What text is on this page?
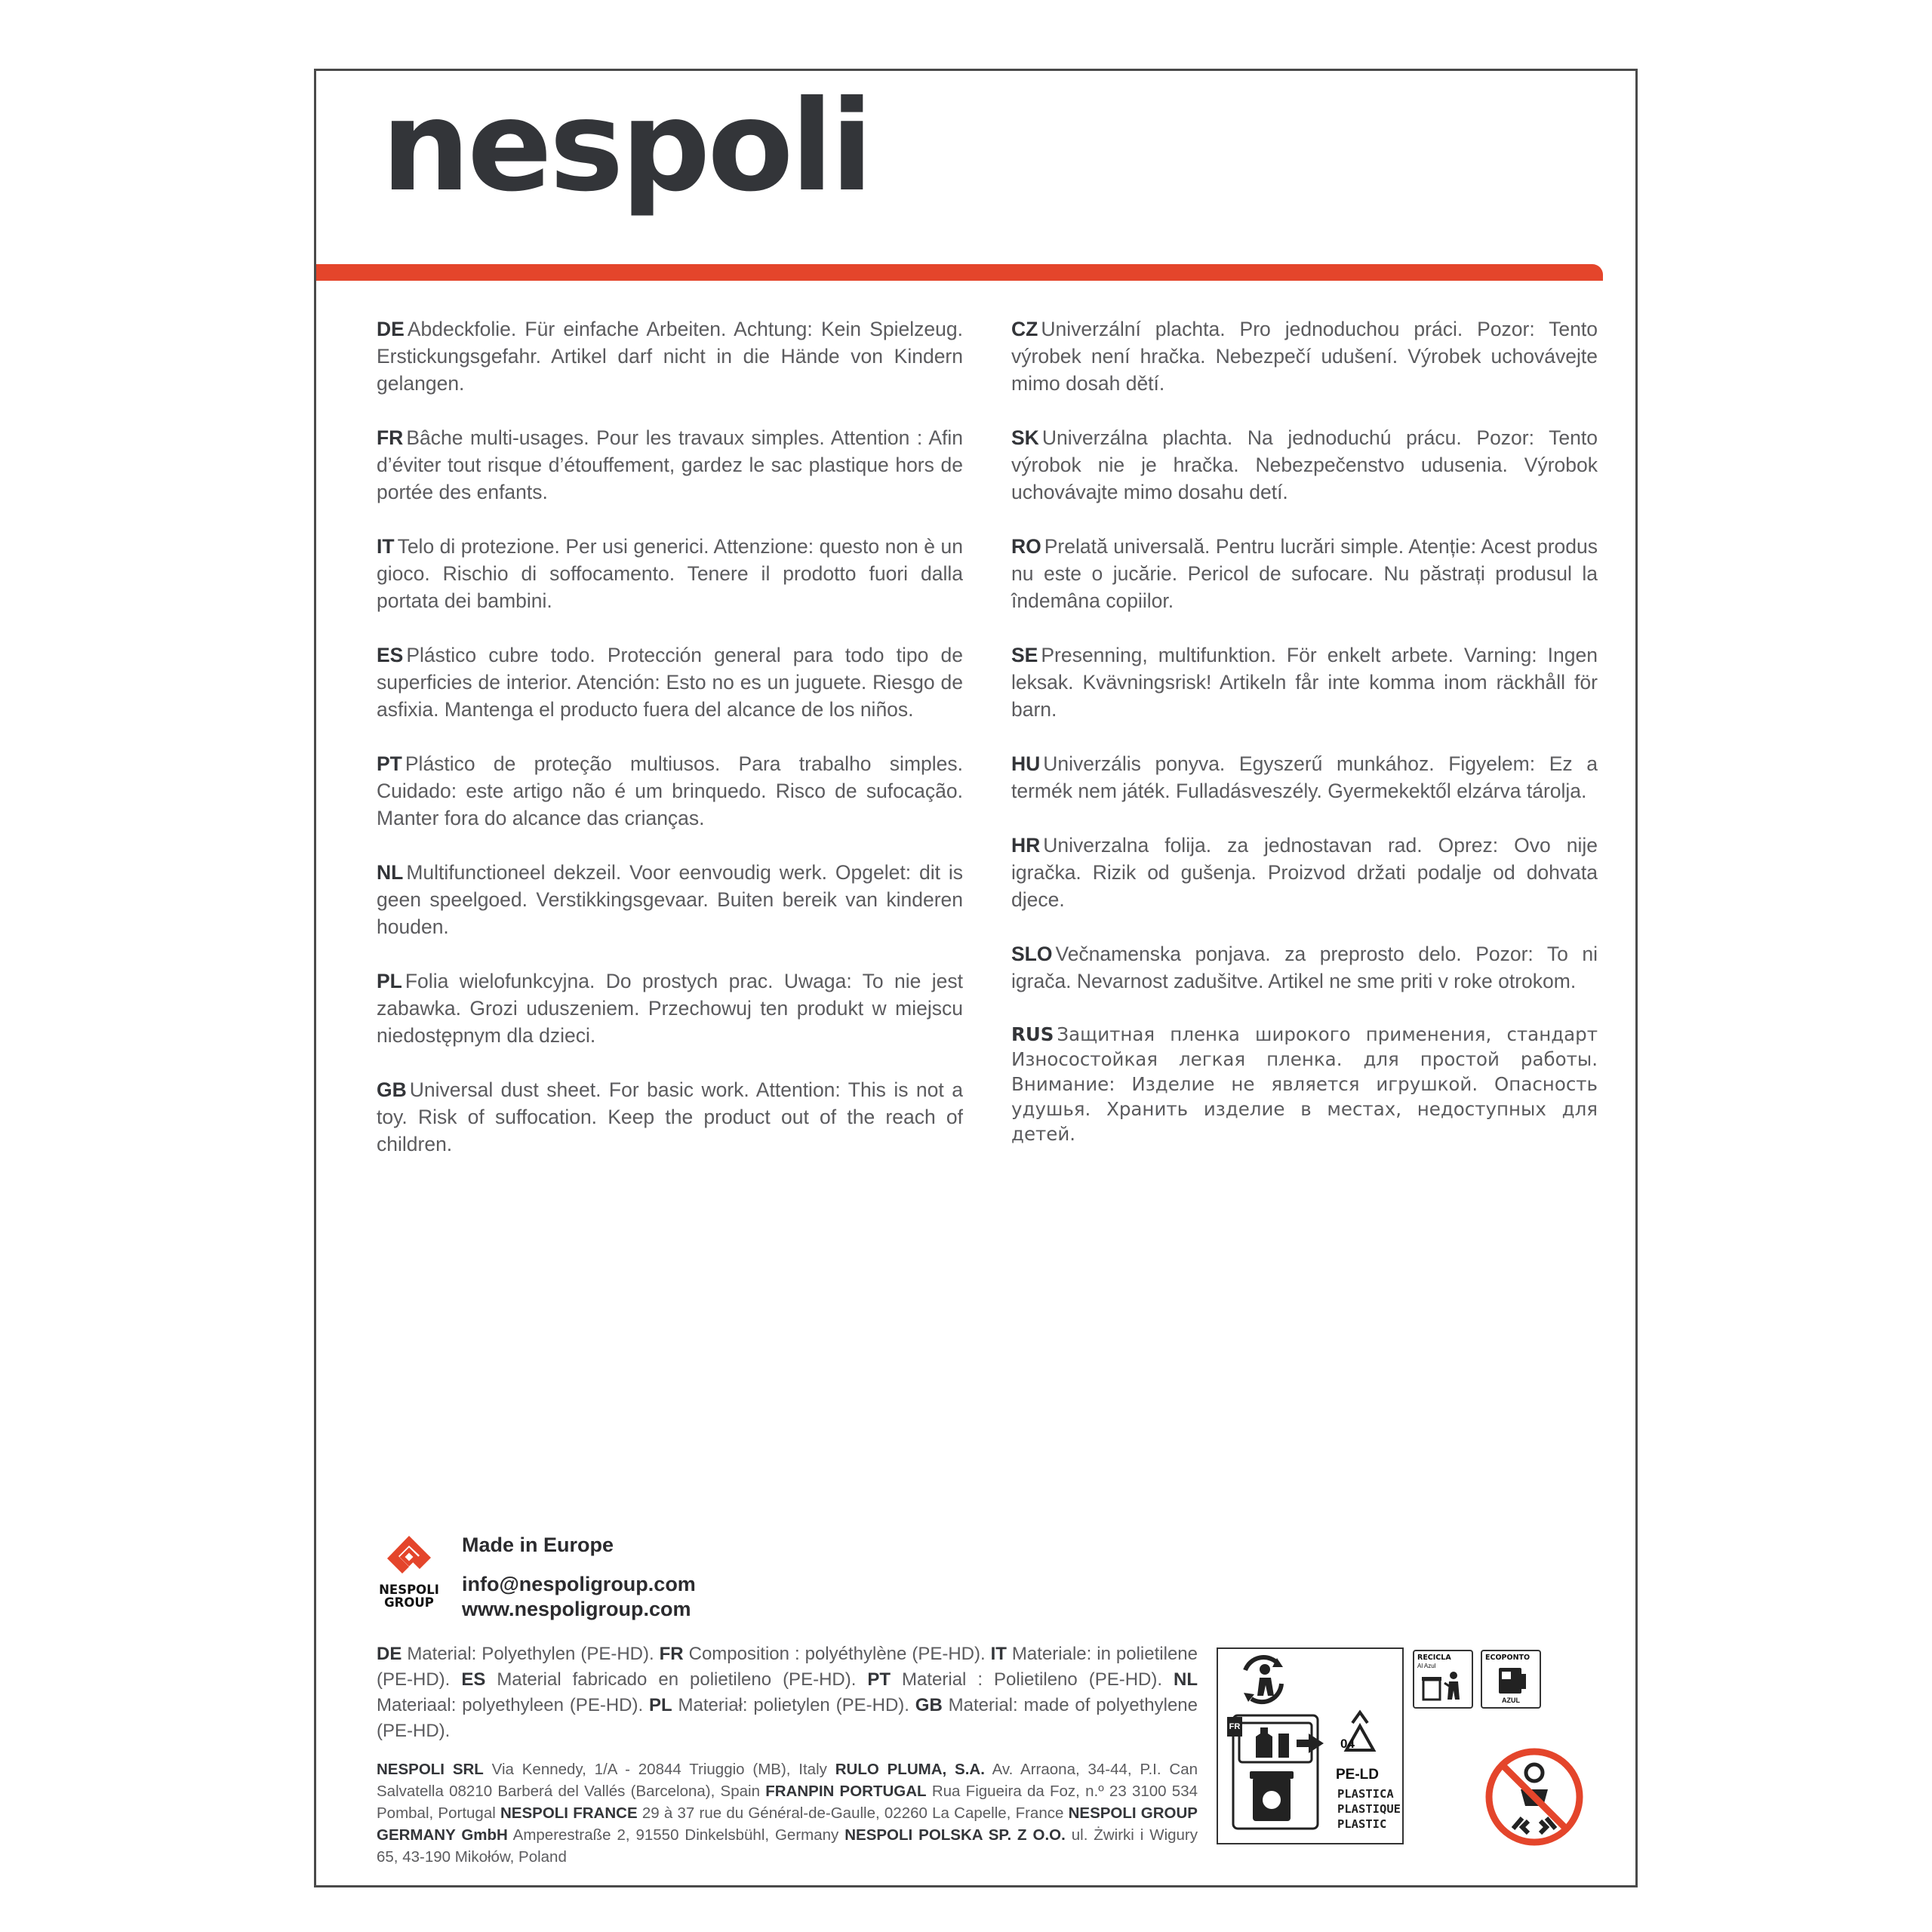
nespoli

DE Abdeckfolie. Für einfache Arbeiten. Achtung: Kein Spielzeug. Erstickungsgefahr. Artikel darf nicht in die Hände von Kindern gelangen.

FR Bâche multi-usages. Pour les travaux simples. Attention : Afin d’éviter tout risque d’étouffement, gardez le sac plastique hors de portée des enfants.

IT Telo di protezione. Per usi generici. Attenzione: questo non è un gioco. Rischio di soffocamento. Tenere il prodotto fuori dalla portata dei bambini.

ES Plástico cubre todo. Protección general para todo tipo de superficies de interior. Atención: Esto no es un juguete. Riesgo de asfixia. Mantenga el producto fuera del alcance de los niños.

PT Plástico de proteção multiusos. Para trabalho simples. Cuidado: este artigo não é um brinquedo. Risco de sufocação. Manter fora do alcance das crianças.

NL Multifunctioneel dekzeil. Voor eenvoudig werk. Opgelet: dit is geen speelgoed. Verstikkingsgevaar. Buiten bereik van kinderen houden.

PL Folia wielofunkcyjna. Do prostych prac. Uwaga: To nie jest zabawka. Grozi uduszeniem. Przechowuj ten produkt w miejscu niedostępnym dla dzieci.

GB Universal dust sheet. For basic work. Attention: This is not a toy. Risk of suffocation. Keep the product out of the reach of children.

CZ Univerzální plachta. Pro jednoduchou práci. Pozor: Tento výrobek není hračka. Nebezpečí udušení. Výrobek uchovávejte mimo dosah dětí.

SK Univerzálna plachta. Na jednoduchú prácu. Pozor: Tento výrobok nie je hračka. Nebezpečenstvo udusenia. Výrobok uchovávajte mimo dosahu detí.

RO Prelată universală. Pentru lucrări simple. Atenție: Acest produs nu este o jucărie. Pericol de sufocare. Nu păstrați produsul la îndemâna copiilor.

SE Presenning, multifunktion. För enkelt arbete. Varning: Ingen leksak. Kvävningsrisk! Artikeln får inte komma inom räckhåll för barn.

HU Univerzális ponyva. Egyszerű munkához. Figyelem: Ez a termék nem játék. Fulladásveszély. Gyermekektől elzárva tárolja.

HR Univerzalna folija. za jednostavan rad. Oprez: Ovo nije igračka. Rizik od gušenja. Proizvod držati podalje od dohvata djece.

SLO Večnamenska ponjava. za preprosto delo. Pozor: To ni igrača. Nevarnost zadušitve. Artikel ne sme priti v roke otrokom.

RUS Защитная пленка широкого применения, стандарт Износостойкая легкая пленка. для простой работы. Внимание: Изделие не является игрушкой. Опасность удушья. Хранить изделие в местах, недоступных для детей.

NESPOLI GROUP
Made in Europe
info@nespoligroup.com
www.nespoligroup.com

DE Material: Polyethylen (PE-HD). FR Composition : polyéthylène (PE-HD). IT Materiale: in polietilene (PE-HD). ES Material fabricado en polietileno (PE-HD). PT Material : Polietileno (PE-HD). NL Materiaal: polyethyleen (PE-HD). PL Materiał: polietylen (PE-HD). GB Material: made of polyethylene (PE-HD).

NESPOLI SRL Via Kennedy, 1/A - 20844 Triuggio (MB), Italy RULO PLUMA, S.A. Av. Arraona, 34-44, P.I. Can Salvatella 08210 Barberá del Vallés (Barcelona), Spain FRANPIN PORTUGAL Rua Figueira da Foz, n.º 23 3100 534 Pombal, Portugal NESPOLI FRANCE 29 à 37 rue du Général-de-Gaulle, 02260 La Capelle, France NESPOLI GROUP GERMANY GmbH Amperestraße 2, 91550 Dinkelsbühl, Germany NESPOLI POLSKA SP. Z O.O. ul. Żwirki i Wigury 65, 43-190 Mikołów, Poland

FR
04
PE-LD
PLASTICA
PLASTIQUE
PLASTIC
RECICLA
Al Azul
ECOPONTO
AZUL
